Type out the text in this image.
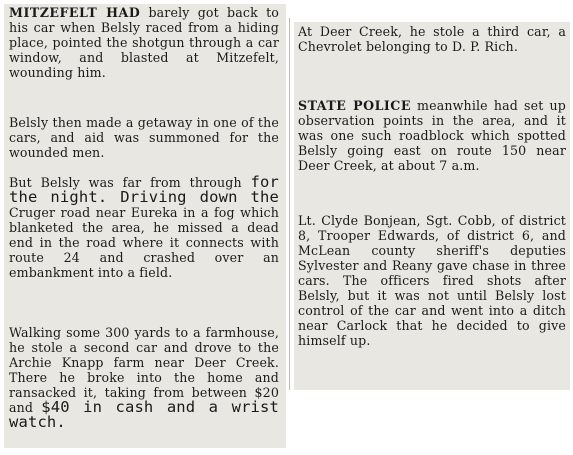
MITZEFELT HAD barely got back to his car when Belsly raced from a hiding place, pointed the shotgun through a car window, and blasted at Mitzefelt, wounding him.

Belsly then made a getaway in one of the cars, and aid was summoned for the wounded men.

But Belsly was far from through for the night. Driving down the Cruger road near Eureka in a fog which blanketed the area, he missed a dead end in the road where it connects with route 24 and crashed over an embankment into a field.

Walking some 300 yards to a farmhouse, he stole a second car and drove to the Archie Knapp farm near Deer Creek. There he broke into the home and ransacked it, taking from between $20 and $40 in cash and a wrist watch.

At Deer Creek, he stole a third car, a Chevrolet belonging to D. P. Rich.

STATE POLICE meanwhile had set up observation points in the area, and it was one such roadblock which spotted Belsly going east on route 150 near Deer Creek, at about 7 a.m.

Lt. Clyde Bonjean, Sgt. Cobb, of district 8, Trooper Edwards, of district 6, and McLean county sheriff's deputies Sylvester and Reany gave chase in three cars. The officers fired shots after Belsly, but it was not until Belsly lost control of the car and went into a ditch near Carlock that he decided to give himself up.
